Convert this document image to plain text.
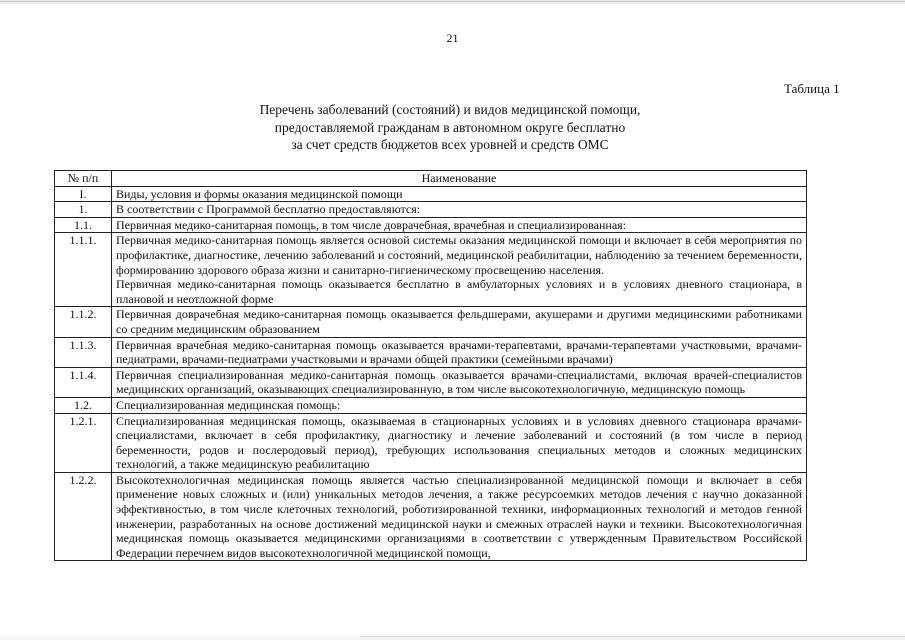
21
Таблица 1
Перечень заболеваний (состояний) и видов медицинской помощи,
предоставляемой гражданам в автономном округе бесплатно
за счет средств бюджетов всех уровней и средств ОМС
№ п/п	Наименование
I.	Виды, условия и формы оказания медицинской помощи
1.	В соответствии с Программой бесплатно предоставляются:
1.1.	Первичная медико-санитарная помощь, в том числе доврачебная, врачебная и специализированная:
1.1.1.	Первичная медико-санитарная помощь является основой системы оказания медицинской помощи и включает в себя мероприятия по профилактике, диагностике, лечению заболеваний и состояний, медицинской реабилитации, наблюдению за течением беременности, формированию здорового образа жизни и санитарно-гигиеническому просвещению населения.
Первичная медико-санитарная помощь оказывается бесплатно в амбулаторных условиях и в условиях дневного стационара, в плановой и неотложной форме

1.1.2.	Первичная доврачебная медико-санитарная помощь оказывается фельдшерами, акушерами и другими медицинскими работниками со средним медицинским образованием
1.1.3.	Первичная врачебная медико-санитарная помощь оказывается врачами-терапевтами, врачами-терапевтами участковыми, врачами-педиатрами, врачами-педиатрами участковыми и врачами общей практики (семейными врачами)
1.1.4.	Первичная специализированная медико-санитарная помощь оказывается врачами-специалистами, включая врачей-специалистов медицинских организаций, оказывающих специализированную, в том числе высокотехнологичную, медицинскую помощь
1.2.	Специализированная медицинская помощь:
1.2.1.	Специализированная медицинская помощь, оказываемая в стационарных условиях и в условиях дневного стационара врачами-специалистами, включает в себя профилактику, диагностику и лечение заболеваний и состояний (в том числе в период беременности, родов и послеродовый период), требующих использования специальных методов и сложных медицинских технологий, а также медицинскую реабилитацию
1.2.2.	Высокотехнологичная медицинская помощь является частью специализированной медицинской помощи и включает в себя применение новых сложных и (или) уникальных методов лечения, а также ресурсоемких методов лечения с научно доказанной эффективностью, в том числе клеточных технологий, роботизированной техники, информационных технологий и методов генной инженерии, разработанных на основе достижений медицинской науки и смежных отраслей науки и техники. Высокотехнологичная медицинская помощь оказывается медицинскими организациями в соответствии с утвержденным Правительством Российской Федерации перечнем видов высокотехнологичной медицинской помощи,
